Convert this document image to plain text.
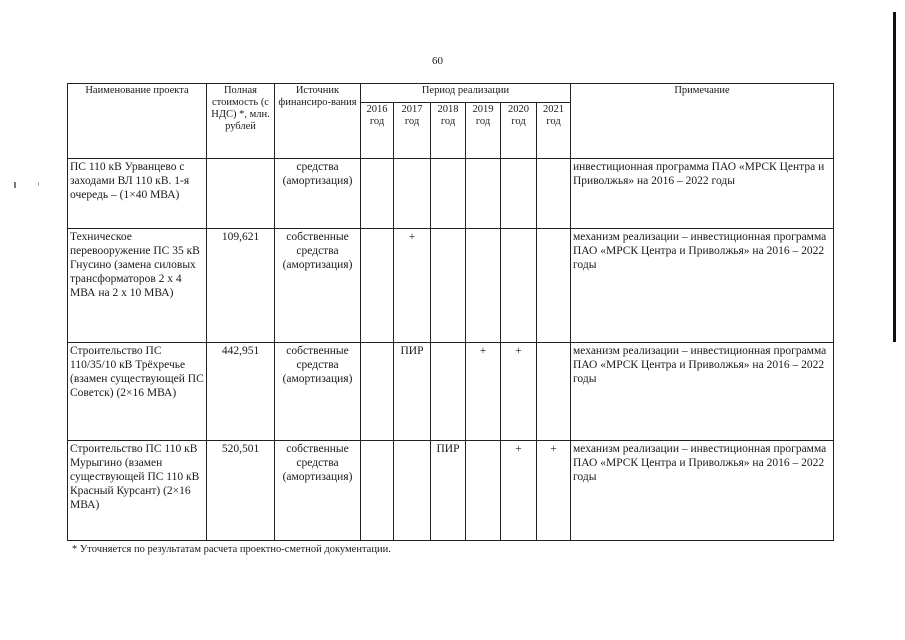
60
Наименование проекта	Полная стоимость (с НДС) *, млн. рублей	Источник финансиро-вания	Период реализации						Примечание
			2016 год	2017 год	2018 год	2019 год	2020 год	2021 год	
ПС 110 кВ Урванцево с заходами ВЛ 110 кВ. 1-я очередь – (1×40 МВА)		средства (амортизация)							инвестиционная программа ПАО «МРСК Центра и Приволжья» на 2016 – 2022 годы
Техническое перевооружение ПС 35 кВ Гнусино (замена силовых трансформаторов 2 х 4 МВА на 2 х 10 МВА)	109,621	собственные средства (амортизация)		+					механизм реализации – инвестиционная программа ПАО «МРСК Центра и Приволжья» на 2016 – 2022 годы
Строительство ПС 110/35/10 кВ Трёхречье (взамен существующей ПС Советск) (2×16 МВА)	442,951	собственные средства (амортизация)		ПИР		+	+		механизм реализации – инвестиционная программа ПАО «МРСК Центра и Приволжья» на 2016 – 2022 годы
Строительство ПС 110 кВ Мурыгино (взамен существующей ПС 110 кВ Красный Курсант) (2×16 МВА)	520,501	собственные средства (амортизация)			ПИР		+	+	механизм реализации – инвестиционная программа ПАО «МРСК Центра и Приволжья» на 2016 – 2022 годы
* Уточняется по результатам расчета проектно-сметной документации.
